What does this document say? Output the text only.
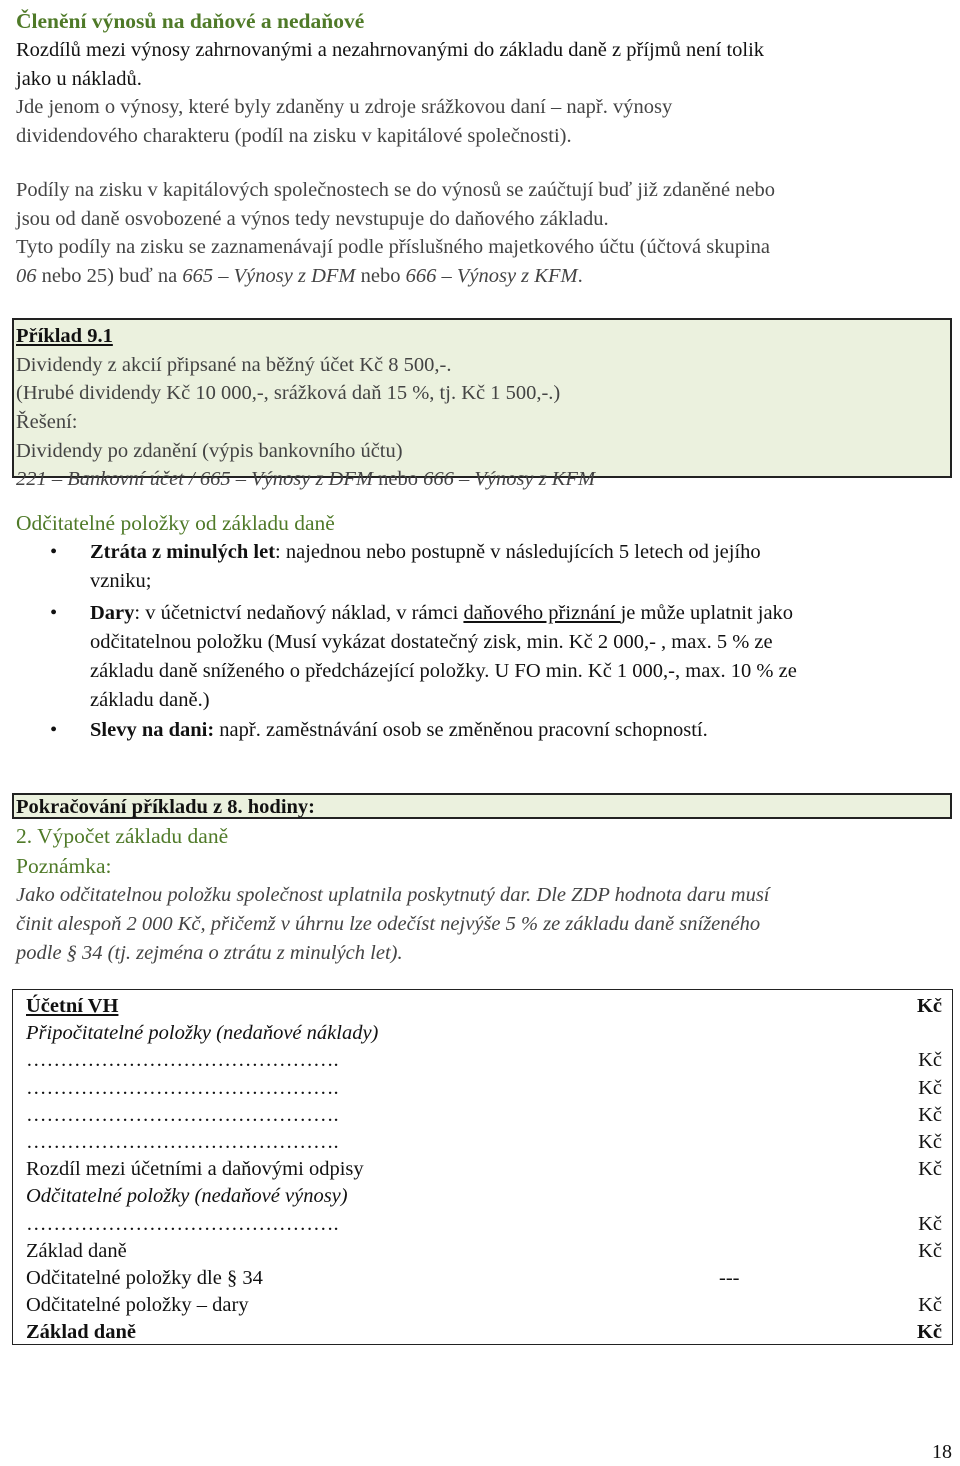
Členění výnosů na daňové a nedaňové

Rozdílů mezi výnosy zahrnovanými a nezahrnovanými do základu daně z příjmů není tolik

jako u nákladů.

Jde jenom o výnosy, které byly zdaněny u zdroje srážkovou daní – např. výnosy

dividendového charakteru (podíl na zisku v kapitálové společnosti).

Podíly na zisku v kapitálových společnostech se do výnosů se zaúčtují buď již zdaněné nebo

jsou od daně osvobozené a výnos tedy nevstupuje do daňového základu.

Tyto podíly na zisku se zaznamenávají podle příslušného majetkového účtu (účtová skupina

06 nebo 25) buď na 665 – Výnosy z DFM nebo 666 – Výnosy z KFM.

Příklad 9.1

Dividendy z akcií připsané na běžný účet Kč 8 500,-.

(Hrubé dividendy Kč 10 000,-, srážková daň 15 %, tj. Kč 1 500,-.)

Řešení:

Dividendy po zdanění (výpis bankovního účtu)

221 – Bankovní účet / 665 – Výnosy z DFM nebo 666 – Výnosy z KFM

Odčitatelné položky od základu daně

• Ztráta z minulých let: najednou nebo postupně v následujících 5 letech od jejího
vzniku;
• Dary: v účetnictví nedaňový náklad, v rámci daňového přiznání je může uplatnit jako
odčitatelnou položku (Musí vykázat dostatečný zisk, min. Kč 2 000,- , max. 5 % ze
základu daně sníženého o předcházející položky. U FO min. Kč 1 000,-, max. 10 % ze
základu daně.)
• Slevy na dani: např. zaměstnávání osob se změněnou pracovní schopností.
Pokračování příkladu z 8. hodiny:

2. Výpočet základu daně

Poznámka:

Jako odčitatelnou položku společnost uplatnila poskytnutý dar. Dle ZDP hodnota daru musí

činit alespoň 2 000 Kč, přičemž v úhrnu lze odečíst nejvýše 5 % ze základu daně sníženého

podle § 34 (tj. zejména o ztrátu z minulých let).

Účetní VH	Kč
Připočitatelné položky (nedaňové náklady)
……………………………………….	Kč
……………………………………….	Kč
……………………………………….	Kč
……………………………………….	Kč
Rozdíl mezi účetními a daňovými odpisy	Kč
Odčitatelné položky (nedaňové výnosy)
……………………………………….	Kč
Základ daně	Kč
Odčitatelné položky dle § 34	---
Odčitatelné položky – dary	Kč
Základ daně	Kč
18
